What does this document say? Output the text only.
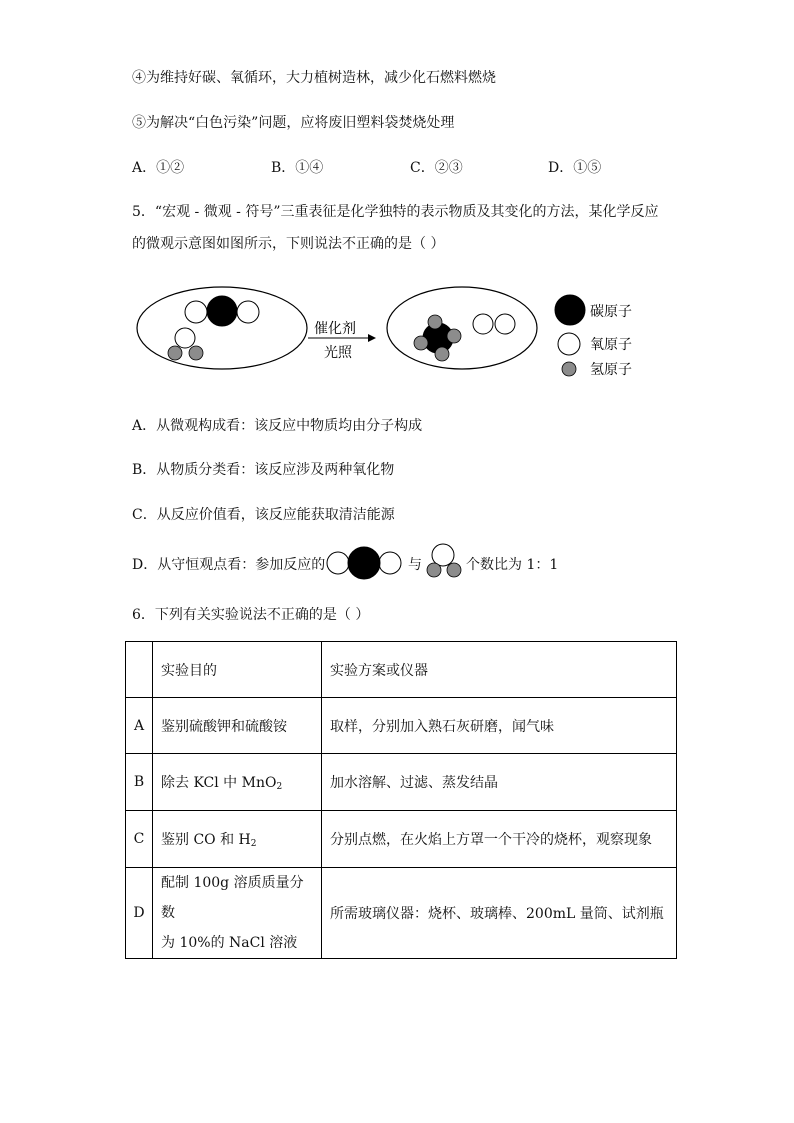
④为维持好碳、氧循环，大力植树造林，减少化石燃料燃烧
⑤为解决“白色污染”问题，应将废旧塑料袋焚烧处理
A．①②	B．①④	C．②③	D．①⑤
5．“宏观 - 微观 - 符号”三重表征是化学独特的表示物质及其变化的方法，某化学反应
的微观示意图如图所示，下则说法不正确的是（ ）
催化剂
光照
碳原子
氧原子
氢原子
A．从微观构成看：该反应中物质均由分子构成
B．从物质分类看：该反应涉及两种氧化物
C．从反应价值看，该反应能获取清洁能源
D．从守恒观点看：参加反应的	与	个数比为 1：1
6．下列有关实验说法不正确的是（ ）
	实验目的	实验方案或仪器
A	鉴别硫酸钾和硫酸铵	取样，分别加入熟石灰研磨，闻气味
B	除去 KCl 中 MnO$_2$	加水溶解、过滤、蒸发结晶
C	鉴别 CO 和 $H_2$	分别点燃，在火焰上方罩一个干冷的烧杯，观察现象
D	配制 100g 溶质质量分数
为 10%的 NaCl 溶液	所需玻璃仪器：烧杯、玻璃棒、200mL 量筒、试剂瓶
